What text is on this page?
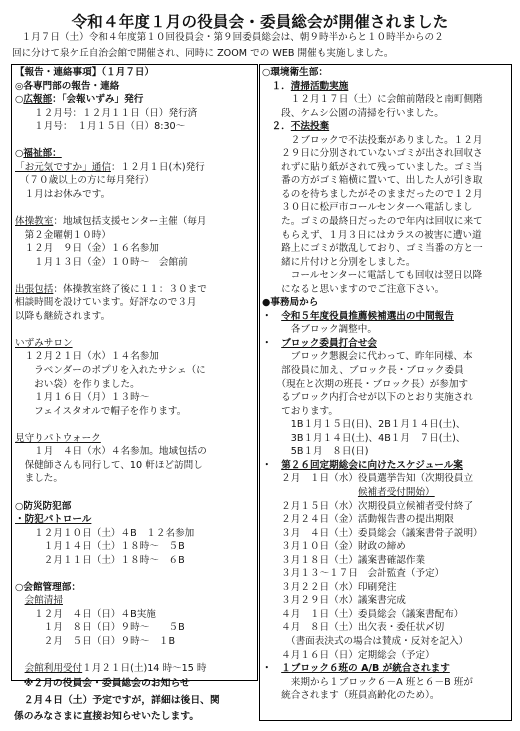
令和４年度１月の役員会・委員総会が開催されました
　１月７日（土）令和４年度第１０回役員会・第９回委員総会は、朝９時半からと１０時半からの２
回に分けて泉ケ丘自治会館で開催され、同時に ZOOM での WEB 開催も実施しました。
【報告・連絡事項】（１月７日）
◎各専門部の報告・連絡
○広報部：「会報いずみ」発行
　　１２月号：１２月１１日（日）発行済
　　１月号：　１月１５日（日）8:30～
○福祉部：
「お元気ですか」通信：１２月１日(木)発行
　（７０歳以上の方に毎月発行）
　１月はお休みです。
体操教室：地域包括支援センター主催（毎月
　第２金曜朝１０時）
　１２月　９日（金）１６名参加
　　１月１３日（金）１０時～　会館前
出張包括：体操教室終了後に１１：３０まで
相談時間を設けています。好評なので３月
以降も継続されます。
いずみサロン
　１２月２１日（水）１４名参加
　　ラベンダーのポプリを入れたサシェ（に
　　おい袋）を作りました。
　　１月１６日（月）１３時～
　　フェイスタオルで帽子を作ります。
見守りパトウォーク
　　１月　４日（水）４名参加。地域包括の
　保健師さんも同行して、10 軒ほど訪問し
　ました。
○防災防犯部
・防犯パトロール
　　１２月１０日（土）４B　１２名参加
　　　１月１４日（土）１８時～　５B
　　　２月１１日（土）１８時～　６B
○会館管理部：
　会館清掃
　　１２月　４日（日）４B実施
　　　１月　８日（日）９時～　　５B
　　　２月　５日（日）９時～　１B
　会館利用受付１月２１日(土)14 時～15 時
○環境衛生部：
　１．清掃活動実施
　　　１２月１７日（土）に会館前階段と南町側階
　　段、ケムシ公園の清掃を行いました。
　２．不法投棄
　　　２ブロックで不法投棄がありました。１２月
　　２９日に分別されていないゴミが出され回収さ
　　れずに貼り紙がされて残っていました。ゴミ当
　　番の方がゴミ箱横に置いて、出した人が引き取
　　るのを待ちましたがそのままだったので１２月
　　３０日に松戸市コールセンターへ電話しまし
　　た。ゴミの最終日だったので年内は回収に来て
　　もらえず、１月３日にはカラスの被害に遭い道
　　路上にゴミが散乱しており、ゴミ当番の方と一
　　緒に片付けと分別をしました。
　　　コールセンターに電話しても回収は翌日以降
　　になると思いますのでご注意下さい。
●事務局から
・　令和５年度役員推薦候補選出の中間報告
　　　各ブロック調整中。
・　ブロック委員打合せ会
　　　ブロック懇親会に代わって、昨年同様、本
　　部役員に加え、ブロック長・ブロック委員
　　（現在と次期の班長・ブロック長）が参加す
　　るブロック内打合せが以下のとおり実施され
　　ております。
　　　1B１月１５日(日)、2B１月１４日(土)、
　　　3B１月１４日(土)、4B１月　７日(土)、
　　　5B１月　８日(日)
・　第２６回定期総会に向けたスケジュール案
　　２月　１日（水）役員選挙告知（次期役員立
　　　　　　　　　　候補者受付開始）
　　２月１５日（水）次期役員立候補者受付終了
　　２月２４日（金）活動報告書の提出期限
　　３月　４日（土）委員総会（議案書骨子説明）
　　３月１０日（金）財政の締め
　　３月１８日（土）議案書確認作業
　　３月１３～１７日　会計監査（予定）
　　３月２２日（水）印刷発注
　　３月２９日（水）議案書完成
　　４月　１日（土）委員総会（議案書配布）
　　４月　８日（土）出欠表・委任状〆切
　　　（書面表決式の場合は賛成・反対を記入）
　　４月１６日（日）定期総会（予定）
・　１ブロック６班の A/B が統合されます
　　　来期から１ブロック６－A 班と６－B 班が
　　統合されます（班員高齢化のため）。
　※２月の役員会・委員総会のお知らせ
　２月４日（土）予定ですが，詳細は後日、関
係のみなさまに直接お知らせいたします。
